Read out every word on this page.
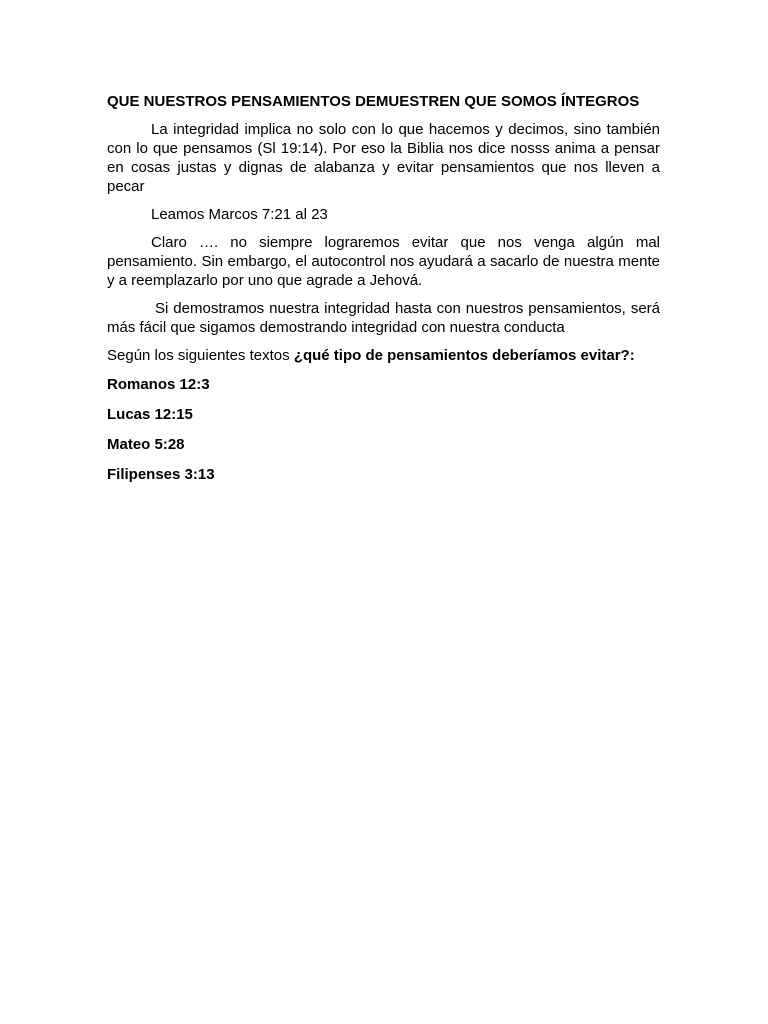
QUE NUESTROS PENSAMIENTOS DEMUESTREN QUE SOMOS ÍNTEGROS

La integridad implica no solo con lo que hacemos y decimos, sino también con lo que pensamos (Sl 19:14). Por eso la Biblia nos dice nosss anima a pensar en cosas justas y dignas de alabanza y evitar pensamientos que nos lleven a pecar

Leamos Marcos 7:21 al 23

Claro …. no siempre lograremos evitar que nos venga algún mal pensamiento. Sin embargo, el autocontrol nos ayudará a sacarlo de nuestra mente y a reemplazarlo por uno que agrade a Jehová.

Si demostramos nuestra integridad hasta con nuestros pensamientos, será más fácil que sigamos demostrando integridad con nuestra conducta

Según los siguientes textos ¿qué tipo de pensamientos deberíamos evitar?:

Romanos 12:3

Lucas 12:15

Mateo 5:28

Filipenses 3:13
